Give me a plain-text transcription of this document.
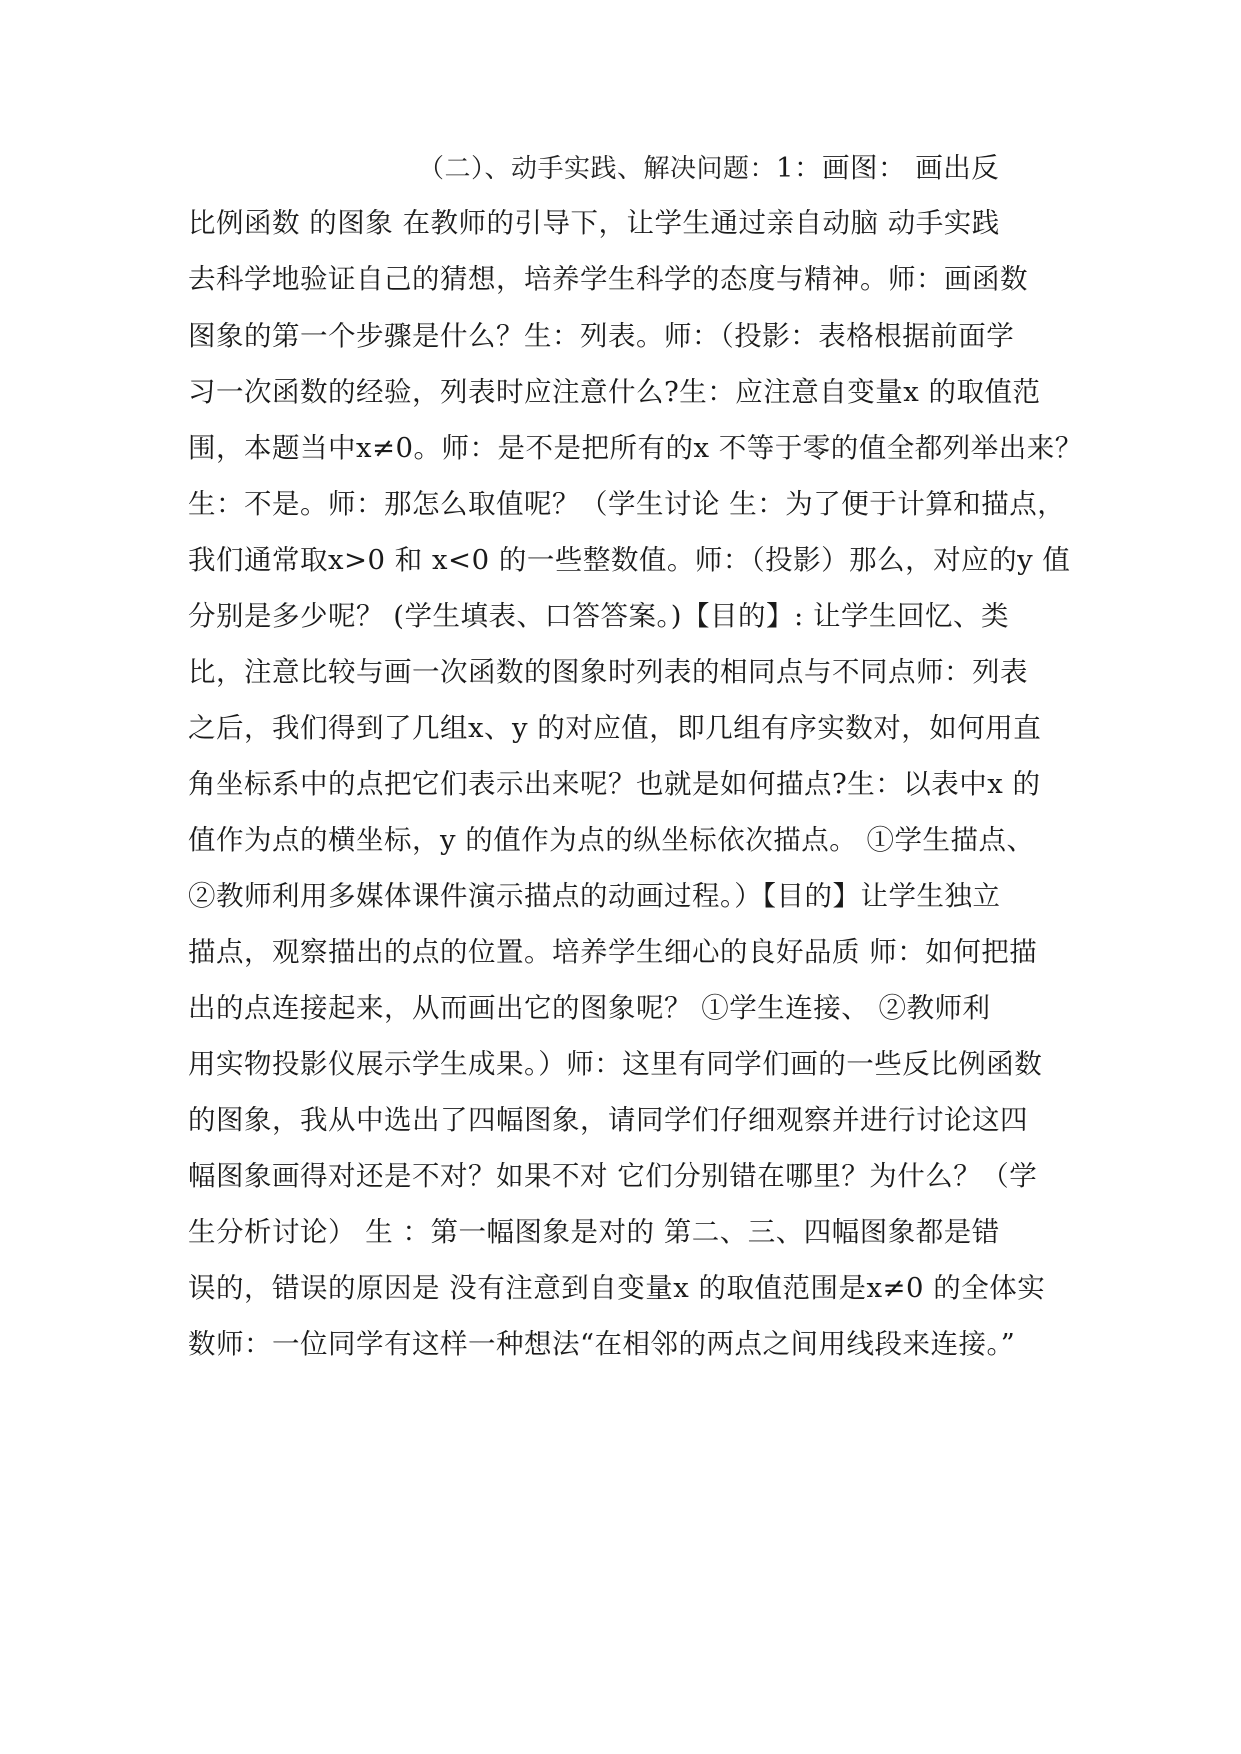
（二）、动手实践、解决问题：1：画图： 画出反
比例函数 的图象 在教师的引导下，让学生通过亲自动脑 动手实践
去科学地验证自己的猜想，培养学生科学的态度与精神。师：画函数
图象的第一个步骤是什么？生：列表。师：（投影：表格根据前面学
习一次函数的经验，列表时应注意什么?生：应注意自变量x 的取值范
围，本题当中x≠0。师：是不是把所有的x 不等于零的值全都列举出来？
生：不是。师：那怎么取值呢？（学生讨论 生：为了便于计算和描点，
我们通常取x>0 和 x<0 的一些整数值。师：（投影）那么，对应的y 值
分别是多少呢？ (学生填表、口答答案。)【目的】: 让学生回忆、类
比，注意比较与画一次函数的图象时列表的相同点与不同点师：列表
之后，我们得到了几组x、y 的对应值，即几组有序实数对，如何用直
角坐标系中的点把它们表示出来呢？也就是如何描点?生：以表中x 的
值作为点的横坐标，y 的值作为点的纵坐标依次描点。 ①学生描点、
②教师利用多媒体课件演示描点的动画过程。）【目的】让学生独立
描点，观察描出的点的位置。培养学生细心的良好品质 师：如何把描
出的点连接起来，从而画出它的图象呢？ ①学生连接、 ②教师利
用实物投影仪展示学生成果。）师：这里有同学们画的一些反比例函数
的图象，我从中选出了四幅图象，请同学们仔细观察并进行讨论这四
幅图象画得对还是不对？如果不对 它们分别错在哪里？为什么？（学
生分析讨论） 生 ：第一幅图象是对的 第二、三、四幅图象都是错
误的，错误的原因是 没有注意到自变量x 的取值范围是x≠0 的全体实
数师：一位同学有这样一种想法“在相邻的两点之间用线段来连接。”
